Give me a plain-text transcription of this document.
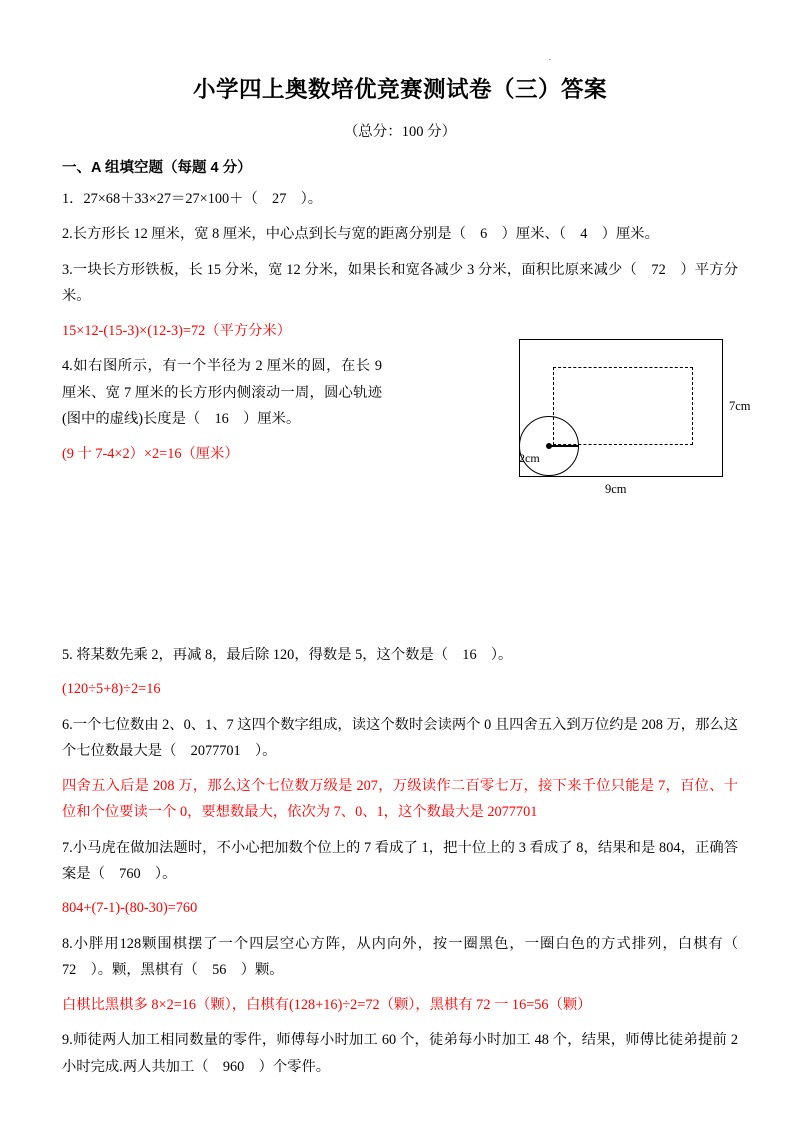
·
小学四上奥数培优竞赛测试卷（三）答案
（总分：100 分）
一、A 组填空题（每题 4 分）
1．27×68＋33×27＝27×100＋（　27　）。
2.长方形长 12 厘米，宽 8 厘米，中心点到长与宽的距离分别是（　6　）厘米、（　4　）厘米。
3.一块长方形铁板，长 15 分米，宽 12 分米，如果长和宽各减少 3 分米，面积比原来减少（　72　）平方分米。
15×12-(15-3)×(12-3)=72（平方分米）
4.如右图所示，有一个半径为 2 厘米的圆，在长 9 厘米、宽 7 厘米的长方形内侧滚动一周，圆心轨迹(图中的虚线)长度是（　16　）厘米。
(9 十 7-4×2）×2=16（厘米）
7cm
9cm
2cm
5. 将某数先乘 2，再减 8，最后除 120，得数是 5，这个数是（　16　）。
(120÷5+8)÷2=16
6.一个七位数由 2、0、1、7 这四个数字组成，读这个数时会读两个 0 且四舍五入到万位约是 208 万，那么这个七位数最大是（　2077701　）。
四舍五入后是 208 万，那么这个七位数万级是 207，万级读作二百零七万，接下来千位只能是 7，百位、十位和个位要读一个 0，要想数最大，依次为 7、0、1，这个数最大是 2077701
7.小马虎在做加法题时，不小心把加数个位上的 7 看成了 1，把十位上的 3 看成了 8，结果和是 804，正确答案是（　760　）。
804+(7-1)-(80-30)=760
8.小胖用128颗围棋摆了一个四层空心方阵，从内向外，按一圈黑色，一圈白色的方式排列，白棋有（　72　）。颗，黑棋有（　56　）颗。
白棋比黑棋多 8×2=16（颗），白棋有(128+16)÷2=72（颗），黑棋有 72 一 16=56（颗）
9.师徒两人加工相同数量的零件，师傅每小时加工 60 个，徒弟每小时加工 48 个，结果，师傅比徒弟提前 2 小时完成.两人共加工（　960　）个零件。
